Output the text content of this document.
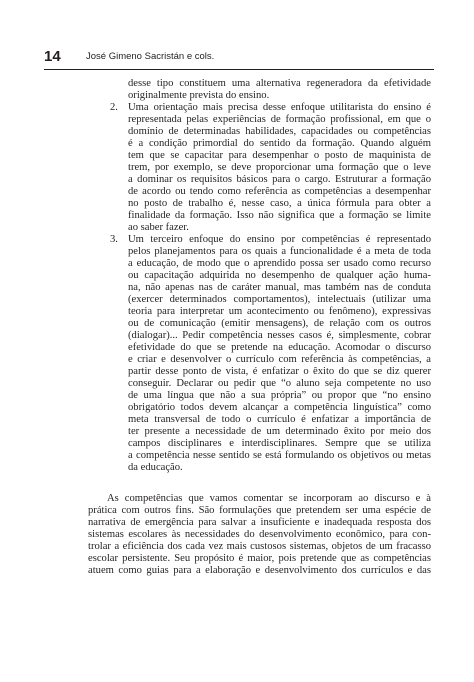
14	José Gimeno Sacristán e cols.
desse tipo constituem uma alternativa regeneradora da efetividade
originalmente prevista do ensino.
2. Uma orientação mais precisa desse enfoque utilitarista do ensino é
representada pelas experiências de formação profissional, em que o
domínio de determinadas habilidades, capacidades ou competências
é a condição primordial do sentido da formação. Quando alguém
tem que se capacitar para desempenhar o posto de maquinista de
trem, por exemplo, se deve proporcionar uma formação que o leve
a dominar os requisitos básicos para o cargo. Estruturar a formação
de acordo ou tendo como referência as competências a desempenhar
no posto de trabalho é, nesse caso, a única fórmula para obter a
finalidade da formação. Isso não significa que a formação se limite
ao saber fazer.
3. Um terceiro enfoque do ensino por competências é representado
pelos planejamentos para os quais a funcionalidade é a meta de toda
a educação, de modo que o aprendido possa ser usado como recurso
ou capacitação adquirida no desempenho de qualquer ação huma-
na, não apenas nas de caráter manual, mas também nas de conduta
(exercer determinados comportamentos), intelectuais (utilizar uma
teoria para interpretar um acontecimento ou fenômeno), expressivas
ou de comunicação (emitir mensagens), de relação com os outros
(dialogar)... Pedir competência nesses casos é, simplesmente, cobrar
efetividade do que se pretende na educação. Acomodar o discurso
e criar e desenvolver o currículo com referência às competências, a
partir desse ponto de vista, é enfatizar o êxito do que se diz querer
conseguir. Declarar ou pedir que “o aluno seja competente no uso
de uma língua que não a sua própria” ou propor que “no ensino
obrigatório todos devem alcançar a competência linguística” como
meta transversal de todo o currículo é enfatizar a importância de
ter presente a necessidade de um determinado êxito por meio dos
campos disciplinares e interdisciplinares. Sempre que se utiliza
a competência nesse sentido se está formulando os objetivos ou metas
da educação.
As competências que vamos comentar se incorporam ao discurso e à
prática com outros fins. São formulações que pretendem ser uma espécie de
narrativa de emergência para salvar a insuficiente e inadequada resposta dos
sistemas escolares às necessidades do desenvolvimento econômico, para con-
trolar a eficiência dos cada vez mais custosos sistemas, objetos de um fracasso
escolar persistente. Seu propósito é maior, pois pretende que as competências
atuem como guias para a elaboração e desenvolvimento dos currículos e das
